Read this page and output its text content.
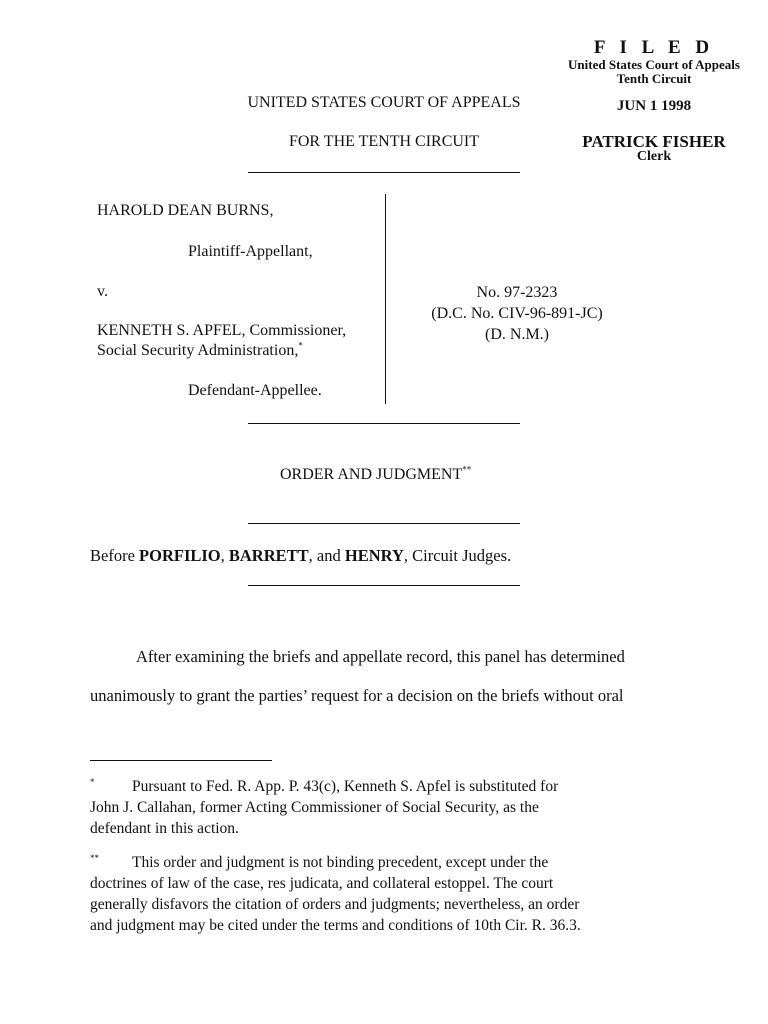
F I L E D
United States Court of Appeals
Tenth Circuit
JUN 1 1998
PATRICK FISHER
Clerk
UNITED STATES COURT OF APPEALS
FOR THE TENTH CIRCUIT
HAROLD DEAN BURNS,
Plaintiff-Appellant,
v.
KENNETH S. APFEL, Commissioner,
Social Security Administration,*
Defendant-Appellee.
No. 97-2323
(D.C. No. CIV-96-891-JC)
(D. N.M.)
ORDER AND JUDGMENT**
Before PORFILIO, BARRETT, and HENRY, Circuit Judges.
After examining the briefs and appellate record, this panel has determined
unanimously to grant the parties’ request for a decision on the briefs without oral
* Pursuant to Fed. R. App. P. 43(c), Kenneth S. Apfel is substituted for
John J. Callahan, former Acting Commissioner of Social Security, as the
defendant in this action.
** This order and judgment is not binding precedent, except under the
doctrines of law of the case, res judicata, and collateral estoppel. The court
generally disfavors the citation of orders and judgments; nevertheless, an order
and judgment may be cited under the terms and conditions of 10th Cir. R. 36.3.
